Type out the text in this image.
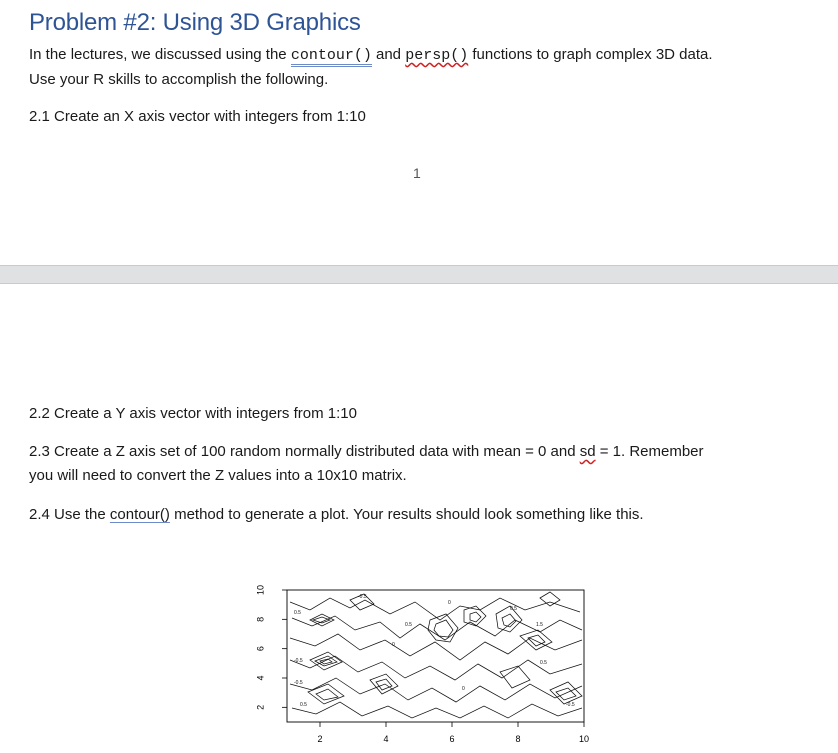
Problem #2: Using 3D Graphics

In the lectures, we discussed using the contour() and persp() functions to graph complex 3D data.
Use your R skills to accomplish the following.

2.1 Create an X axis vector with integers from 1:10

1

2.2 Create a Y axis vector with integers from 1:10

2.3 Create a Z axis set of 100 random normally distributed data with mean = 0 and sd = 1. Remember
you will need to convert the Z values into a 10x10 matrix.

2.4 Use the contour() method to generate a plot. Your results should look something like this.

0.5
-0.5
0
0.5
0.5
-0.5
0
1.5
-0.5
0.5
0.5
0
-0.5
2	4	6	8	10
2
4
6
8
10
